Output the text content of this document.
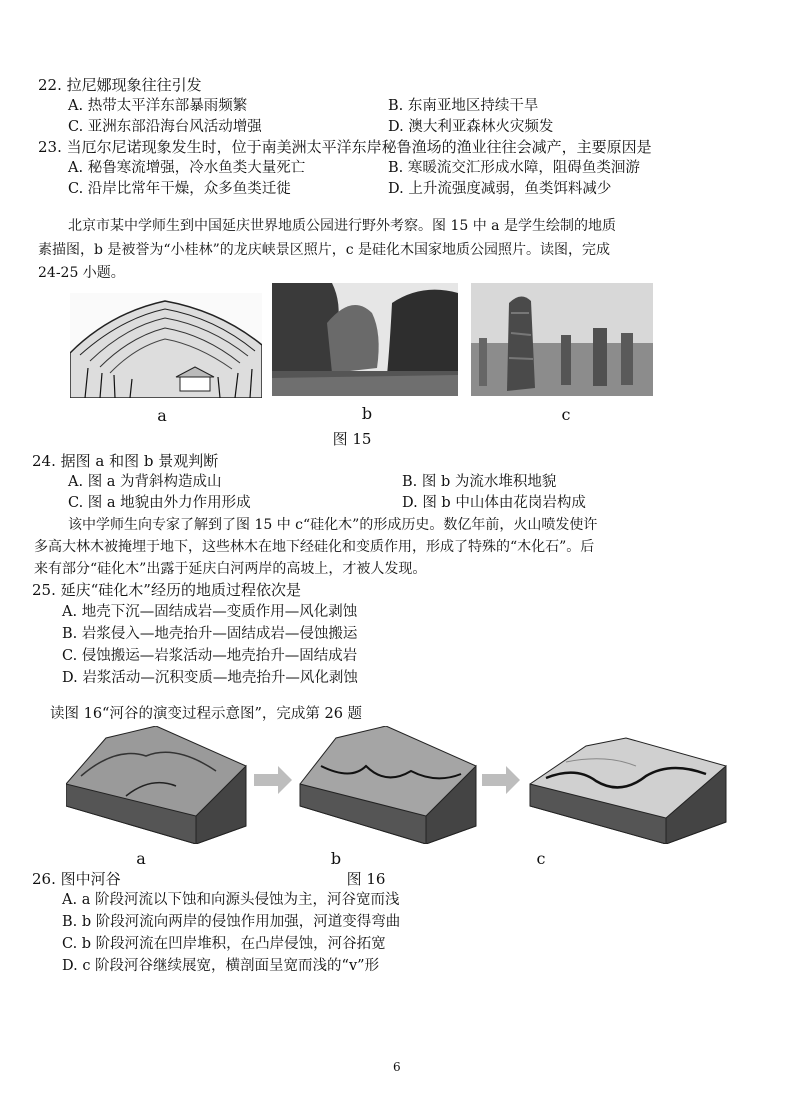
22. 拉尼娜现象往往引发
A. 热带太平洋东部暴雨频繁	B. 东南亚地区持续干旱
C. 亚洲东部沿海台风活动增强	D. 澳大利亚森林火灾频发
23. 当厄尔尼诺现象发生时，位于南美洲太平洋东岸秘鲁渔场的渔业往往会减产，主要原因是
A. 秘鲁寒流增强，冷水鱼类大量死亡	B. 寒暖流交汇形成水障，阻碍鱼类洄游
C. 沿岸比常年干燥，众多鱼类迁徙	D. 上升流强度减弱，鱼类饵料减少
北京市某中学师生到中国延庆世界地质公园进行野外考察。图 15 中 a 是学生绘制的地质
素描图，b 是被誉为“小桂林”的龙庆峡景区照片，c 是硅化木国家地质公园照片。读图，完成
24-25 小题。
a	b	c
图 15
24. 据图 a 和图 b 景观判断
A. 图 a 为背斜构造成山	B. 图 b 为流水堆积地貌
C. 图 a 地貌由外力作用形成	D. 图 b 中山体由花岗岩构成
该中学师生向专家了解到了图 15 中 c“硅化木”的形成历史。数亿年前，火山喷发使许
多高大林木被掩埋于地下，这些林木在地下经硅化和变质作用，形成了特殊的“木化石”。后
来有部分“硅化木”出露于延庆白河两岸的高坡上，才被人发现。
25. 延庆“硅化木”经历的地质过程依次是
A. 地壳下沉—固结成岩—变质作用—风化剥蚀
B. 岩浆侵入—地壳抬升—固结成岩—侵蚀搬运
C. 侵蚀搬运—岩浆活动—地壳抬升—固结成岩
D. 岩浆活动—沉积变质—地壳抬升—风化剥蚀
读图 16“河谷的演变过程示意图”，完成第 26 题
a	b	c
图 16
26. 图中河谷
A. a 阶段河流以下蚀和向源头侵蚀为主，河谷宽而浅
B. b 阶段河流向两岸的侵蚀作用加强，河道变得弯曲
C. b 阶段河流在凹岸堆积，在凸岸侵蚀，河谷拓宽
D. c 阶段河谷继续展宽，横剖面呈宽而浅的“v”形
6
